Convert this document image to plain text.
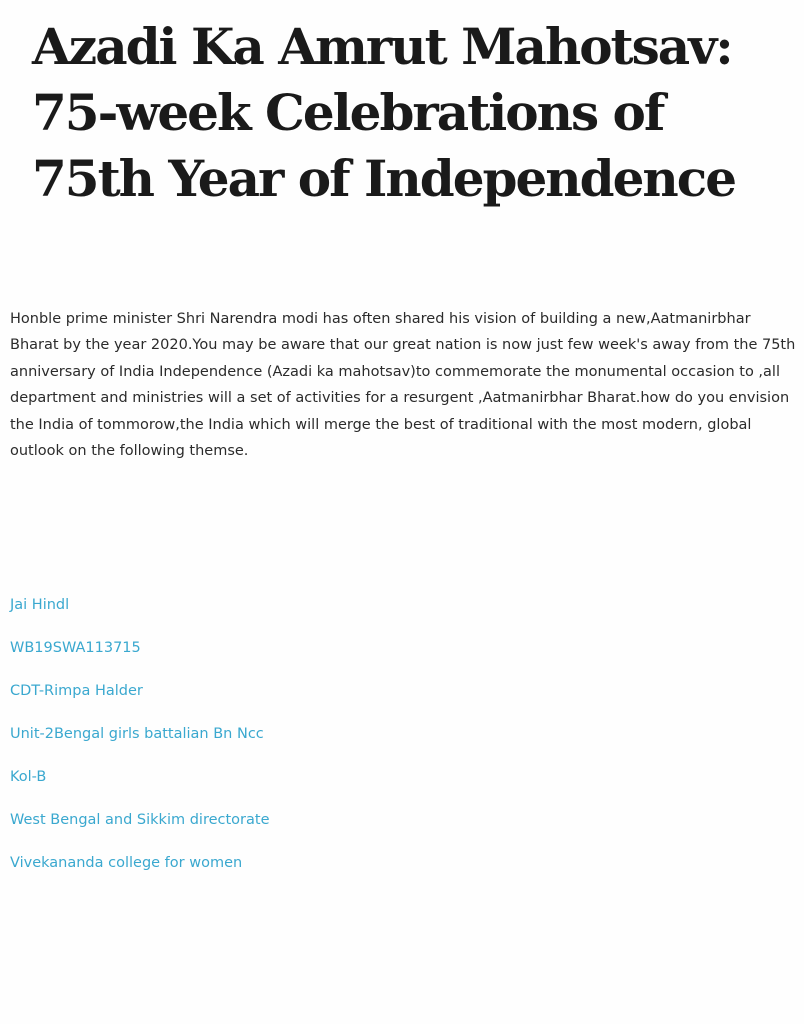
Azadi Ka Amrut Mahotsav:
75-week Celebrations of
75th Year of Independence

Honble prime minister Shri Narendra modi has often shared his vision of building a new,Aatmanirbhar Bharat by the year 2020.You may be aware that our great nation is now just few week's away from the 75th anniversary of India Independence (Azadi ka mahotsav)to commemorate the monumental occasion to ,all department and ministries will a set of activities for a resurgent ,Aatmanirbhar Bharat.how do you envision the India of tommorow,the India which will merge the best of traditional with the most modern, global outlook on the following themse.

Jai Hindl
WB19SWA113715
CDT-Rimpa Halder
Unit-2Bengal girls battalian Bn Ncc
Kol-B
West Bengal and Sikkim directorate
Vivekananda college for women
